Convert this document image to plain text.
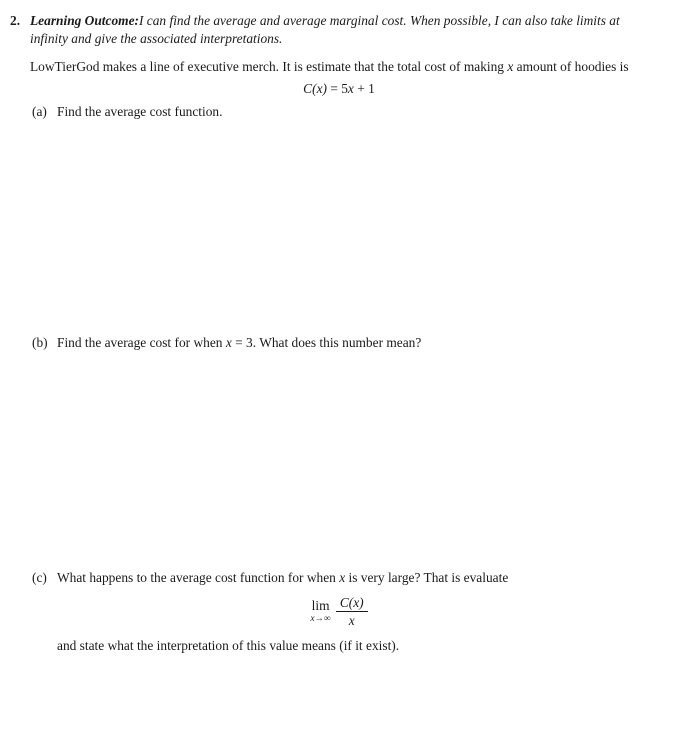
2. Learning Outcome:I can find the average and average marginal cost. When possible, I can also take limits at infinity and give the associated interpretations.
LowTierGod makes a line of executive merch. It is estimate that the total cost of making x amount of hoodies is
C(x) = 5x + 1
(a) Find the average cost function.
(b) Find the average cost for when x = 3. What does this number mean?
(c) What happens to the average cost function for when x is very large? That is evaluate
lim
$x\to\infty \frac{C(x)}{x}$
and state what the interpretation of this value means (if it exist).
